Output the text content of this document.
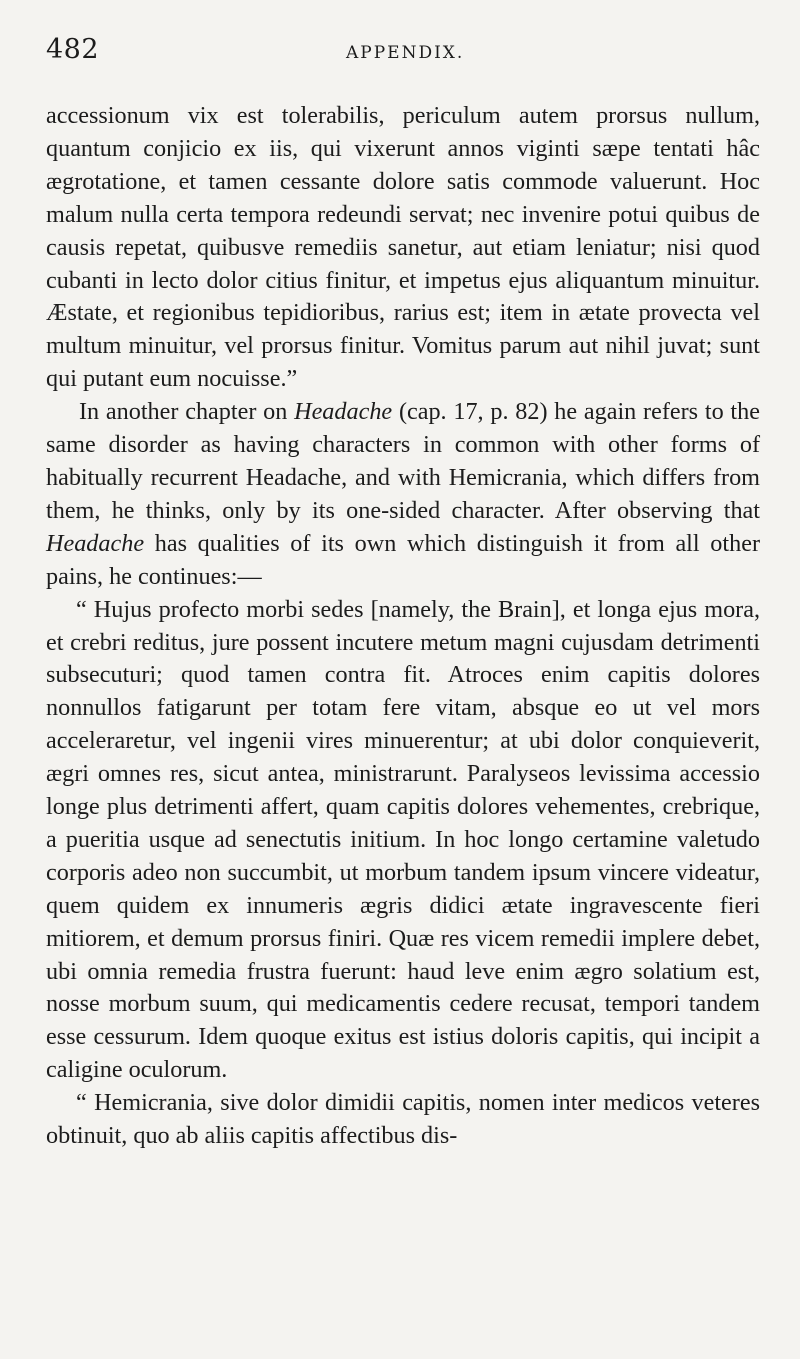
482	APPENDIX.

accessionum vix est tolerabilis, periculum autem prorsus nullum, quantum conjicio ex iis, qui vixerunt annos viginti sæpe tentati hâc ægrotatione, et tamen cessante dolore satis commode valuerunt. Hoc malum nulla certa tempora redeundi servat; nec invenire potui quibus de causis repetat, quibusve remediis sanetur, aut etiam leniatur; nisi quod cubanti in lecto dolor citius finitur, et impetus ejus aliquantum minuitur. Æstate, et regionibus tepidioribus, rarius est; item in ætate provecta vel multum minuitur, vel prorsus finitur. Vomitus parum aut nihil juvat; sunt qui putant eum nocuisse.”

In another chapter on Headache (cap. 17, p. 82) he again refers to the same disorder as having characters in common with other forms of habitually recurrent Headache, and with Hemicrania, which differs from them, he thinks, only by its one-sided character. After observing that Headache has qualities of its own which distinguish it from all other pains, he continues:—

“ Hujus profecto morbi sedes [namely, the Brain], et longa ejus mora, et crebri reditus, jure possent incutere metum magni cujusdam detrimenti subsecuturi; quod tamen contra fit. Atroces enim capitis dolores nonnullos fatigarunt per totam fere vitam, absque eo ut vel mors acceleraretur, vel ingenii vires minuerentur; at ubi dolor conquieverit, ægri omnes res, sicut antea, ministrarunt. Paralyseos levissima accessio longe plus detrimenti affert, quam capitis dolores vehementes, crebrique, a pueritia usque ad senectutis initium. In hoc longo certamine valetudo corporis adeo non succumbit, ut morbum tandem ipsum vincere videatur, quem quidem ex innumeris ægris didici ætate ingravescente fieri mitiorem, et demum prorsus finiri. Quæ res vicem remedii implere debet, ubi omnia remedia frustra fuerunt: haud leve enim ægro solatium est, nosse morbum suum, qui medicamentis cedere recusat, tempori tandem esse cessurum. Idem quoque exitus est istius doloris capitis, qui incipit a caligine oculorum.

“ Hemicrania, sive dolor dimidii capitis, nomen inter medicos veteres obtinuit, quo ab aliis capitis affectibus dis-
